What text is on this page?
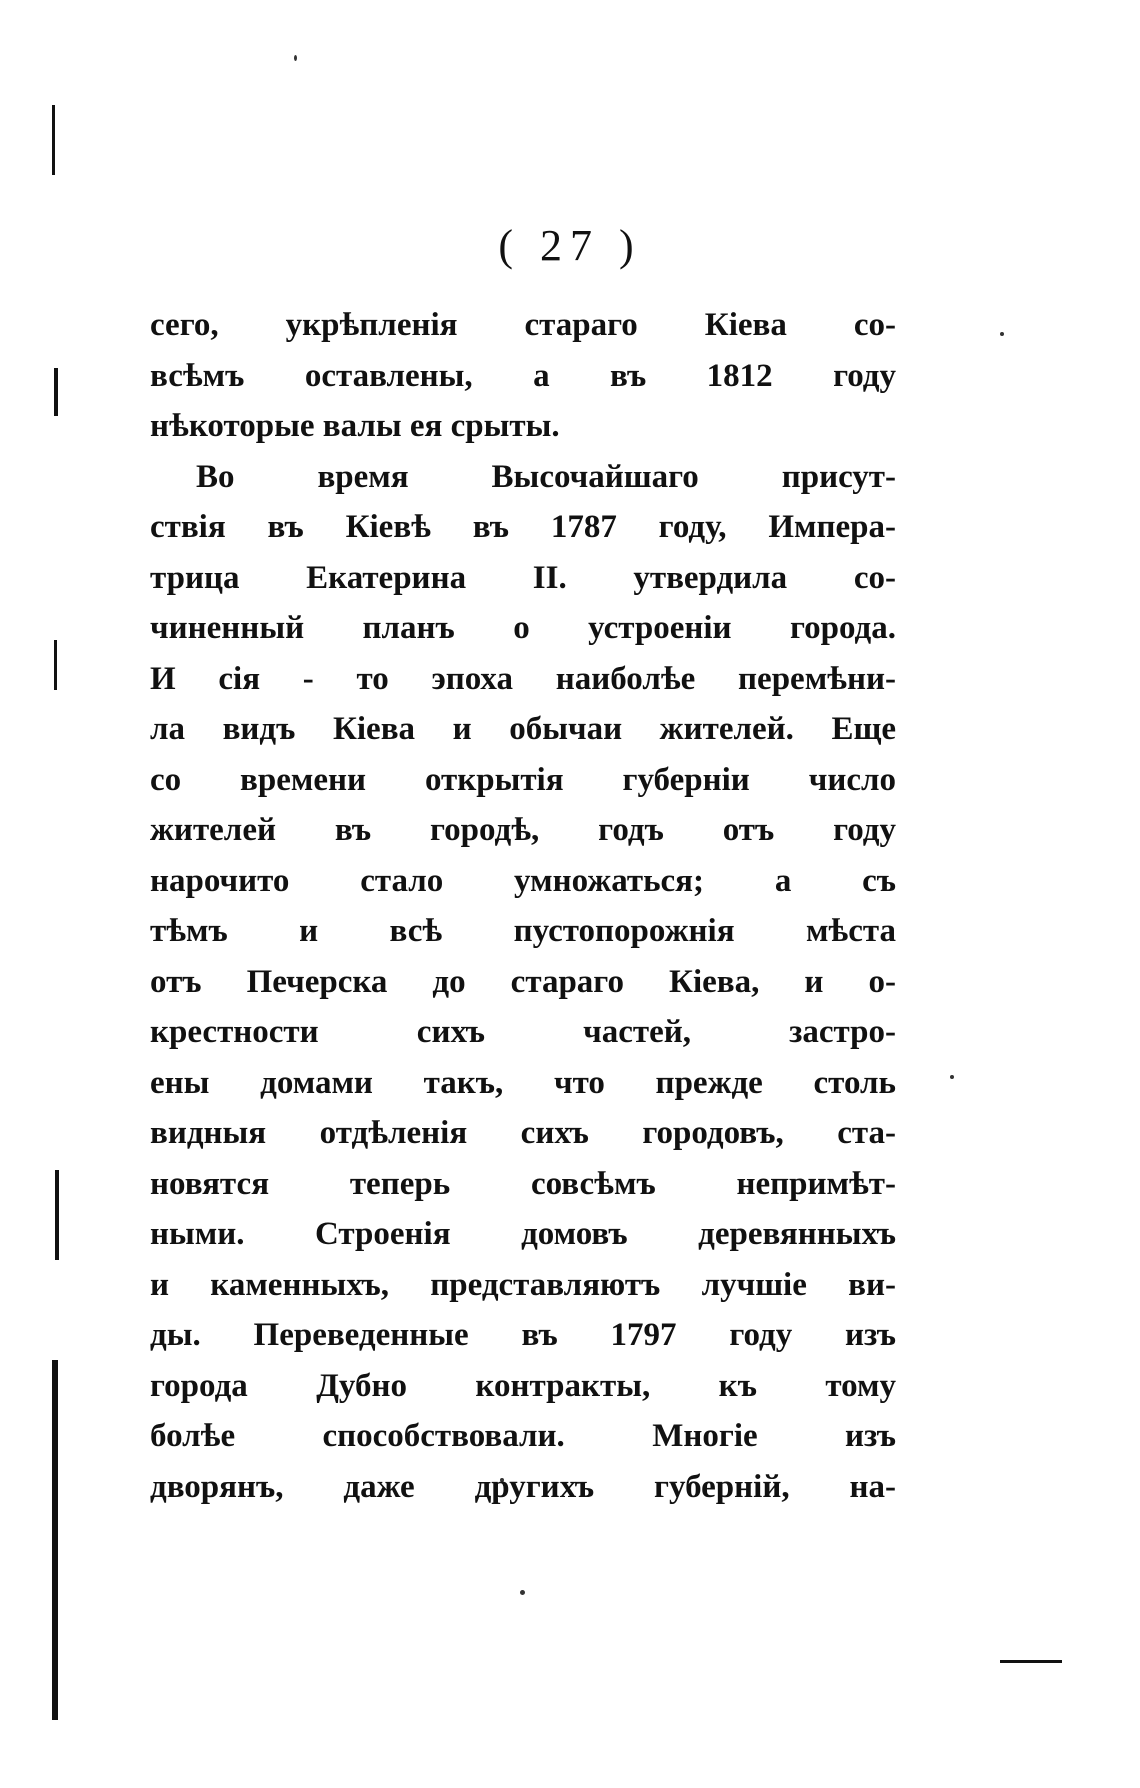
( 27 )
сего, укрѣпленія стараго Кіева со-
всѣмъ оставлены, а въ 1812 году
нѣкоторые валы ея срыты.
Во время Высочайшаго присут-
ствія въ Кіевѣ въ 1787 году, Импера-
трица Екатерина II. утвердила со-
чиненный планъ о устроеніи города.
И сія - то эпоха наиболѣе перемѣни-
ла видъ Кіева и обычаи жителей. Еще
со времени открытія губерніи число
жителей въ городѣ, годъ отъ году
нарочито стало умножаться; а съ
тѣмъ и всѣ пустопорожнія мѣста
отъ Печерска до стараго Кіева, и о-
крестности сихъ частей, застро-
ены домами такъ, что прежде столь
видныя отдѣленія сихъ городовъ, ста-
новятся теперь совсѣмъ непримѣт-
ными. Строенія домовъ деревянныхъ
и каменныхъ, представляютъ лучшіе ви-
ды. Переведенные въ 1797 году изъ
города Дубно контракты, къ тому
болѣе способствовали. Многіе изъ
дворянъ, даже другихъ губерній, на-
